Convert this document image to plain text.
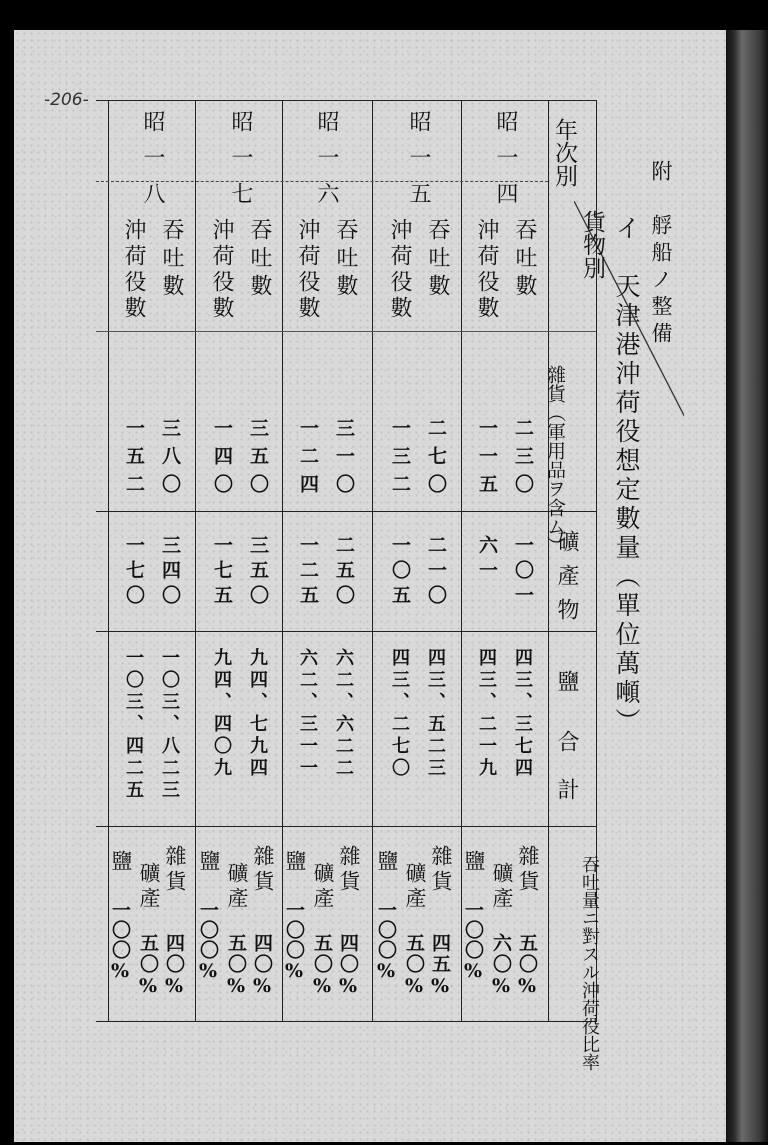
-206-
附　艀船ノ整備
イ　天津港沖荷役想定數量（單位萬噸）
年次別
貨物別
雜貨（軍用品ヲ含ム）
礦產物
鹽
合計
吞吐量ニ對スル沖荷役比率
昭一四
吞吐數
沖荷役數
二三〇
一一五
一〇一
六一
四三、三七四
四三、二一九
雜貨
礦產
鹽
五〇%
六〇%
一〇〇%
昭一五
吞吐數
沖荷役數
二七〇
一三二
二一〇
一〇五
四三、五二三
四三、二七〇
雜貨
礦產
鹽
四五%
五〇%
一〇〇%
昭一六
吞吐數
沖荷役數
三一〇
一二四
二五〇
一二五
六二、六二二
六二、三一一
雜貨
礦產
鹽
四〇%
五〇%
一〇〇%
昭一七
吞吐數
沖荷役數
三五〇
一四〇
三五〇
一七五
九四、七九四
九四、四〇九
雜貨
礦產
鹽
四〇%
五〇%
一〇〇%
昭一八
吞吐數
沖荷役數
三八〇
一五二
三四〇
一七〇
一〇三、八二三
一〇三、四二五
雜貨
礦產
鹽
四〇%
五〇%
一〇〇%
